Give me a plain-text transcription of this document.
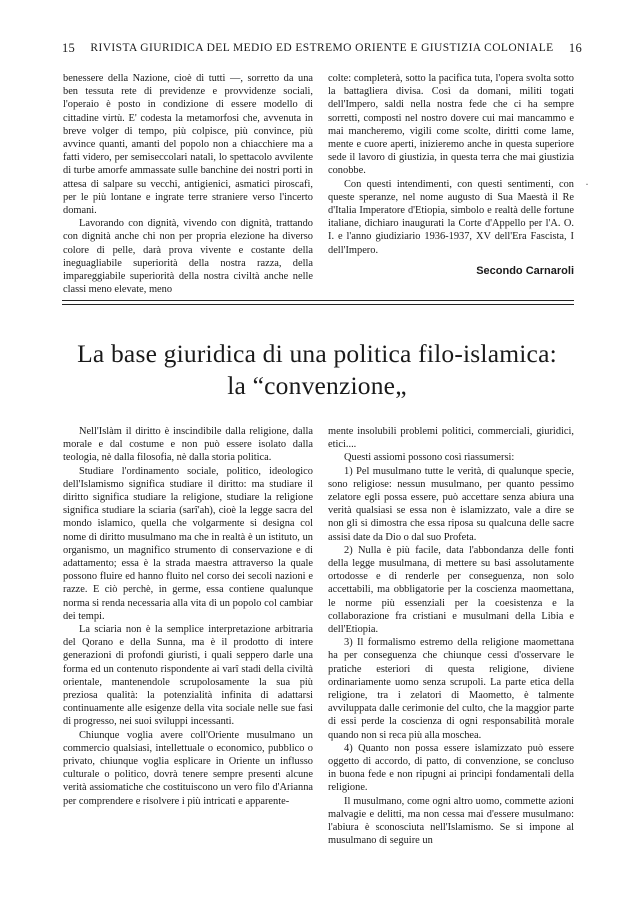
15	RIVISTA GIURIDICA DEL MEDIO ED ESTREMO ORIENTE E GIUSTIZIA COLONIALE	16

benessere della Nazione, cioè di tutti —, sorretto da una ben tessuta rete di previdenze e provvidenze sociali, l'operaio è posto in condizione di essere modello di cittadine virtù. E' codesta la metamorfosi che, avvenuta in breve volger di tempo, più colpisce, più convince, più avvince quanti, amanti del popolo non a chiacchiere ma a fatti videro, per semiseccolari natali, lo spettacolo avvilente di turbe amorfe ammassate sulle banchine dei nostri porti in attesa di salpare su vecchi, antigienici, asmatici piroscafi, per le più lontane e ingrate terre straniere verso l'incerto domani.

Lavorando con dignità, vivendo con dignità, trattando con dignità anche chi non per propria elezione ha diverso colore di pelle, darà prova vivente e costante della ineguagliabile superiorità della nostra razza, della impareggiabile superiorità della nostra civiltà anche nelle classi meno elevate, meno

colte: completerà, sotto la pacifica tuta, l'opera svolta sotto la battagliera divisa. Così da domani, militi togati dell'Impero, saldi nella nostra fede che ci ha sempre sorretti, composti nel nostro dovere cui mai mancammo e mai mancheremo, vigili come scolte, diritti come lame, mente e cuore aperti, inizieremo anche in questa superiore sede il lavoro di giustizia, in questa terra che mai giustizia conobbe.

Con questi intendimenti, con questi sentimenti, con queste speranze, nel nome augusto di Sua Maestà il Re d'Italia Imperatore d'Etiopia, simbolo e realtà delle fortune italiane, dichiaro inaugurati la Corte d'Appello per l'A. O. I. e l'anno giudiziario 1936-1937, XV dell'Era Fascista, I dell'Impero.

Secondo Carnaroli
La base giuridica di una politica filo-islamica:
la “convenzione„

Nell'Islàm il diritto è inscindibile dalla religione, dalla morale e dal costume e non può essere isolato dalla teologia, nè dalla filosofia, nè dalla storia politica.

Studiare l'ordinamento sociale, politico, ideologico dell'Islamismo significa studiare il diritto: ma studiare il diritto significa studiare la religione, studiare la religione significa studiare la sciaria (sarî'ah), cioè la legge sacra del mondo islamico, quella che volgarmente si designa col nome di diritto musulmano ma che in realtà è un istituto, un organismo, un magnifico strumento di conservazione e di adattamento; essa è la strada maestra attraverso la quale possono fluire ed hanno fluito nel corso dei secoli nazioni e razze. E ciò perchè, in germe, essa contiene qualunque norma si renda necessaria alla vita di un popolo col cambiar dei tempi.

La sciaria non è la semplice interpretazione arbitraria del Qorano e della Sunna, ma è il prodotto di intere generazioni di profondi giuristi, i quali seppero darle una forma ed un contenuto rispondente ai varî stadi della civiltà orientale, mantenendole scrupolosamente la sua più preziosa qualità: la potenzialità infinita di adattarsi continuamente alle esigenze della vita sociale nelle sue fasi di progresso, nei suoi sviluppi incessanti.

Chiunque voglia avere coll'Oriente musulmano un commercio qualsiasi, intellettuale o economico, pubblico o privato, chiunque voglia esplicare in Oriente un influsso culturale o politico, dovrà tenere sempre presenti alcune verità assiomatiche che costituiscono un vero filo d'Arianna per comprendere e risolvere i più intricati e apparente-

mente insolubili problemi politici, commerciali, giuridici, etici....

Questi assiomi possono così riassumersi:

1) Pel musulmano tutte le verità, di qualunque specie, sono religiose: nessun musulmano, per quanto pessimo zelatore egli possa essere, può accettare senza abiura una verità qualsiasi se essa non è islamizzato, vale a dire se non gli si dimostra che essa riposa su qualcuna delle sacre assisi date da Dio o dal suo Profeta.

2) Nulla è più facile, data l'abbondanza delle fonti della legge musulmana, di mettere su basi assolutamente ortodosse e di renderle per conseguenza, non solo accettabili, ma obbligatorie per la coscienza maomettana, le norme più essenziali per la coesistenza e la collaborazione fra cristiani e musulmani della Libia e dell'Etiopia.

3) Il formalismo estremo della religione maomettana ha per conseguenza che chiunque cessi d'osservare le pratiche esteriori di questa religione, diviene ordinariamente uomo senza scrupoli. La parte etica della religione, tra i zelatori di Maometto, è talmente avviluppata dalle cerimonie del culto, che la maggior parte di essi perde la coscienza di ogni responsabilità morale quando non si reca più alla moschea.

4) Quanto non possa essere islamizzato può essere oggetto di accordo, di patto, di convenzione, se concluso in buona fede e non ripugni ai princìpi fondamentali della religione.

Il musulmano, come ogni altro uomo, commette azioni malvagie e delitti, ma non cessa mai d'essere musulmano: l'abiura è sconosciuta nell'Islamismo. Se si impone al musulmano di seguire un

·
